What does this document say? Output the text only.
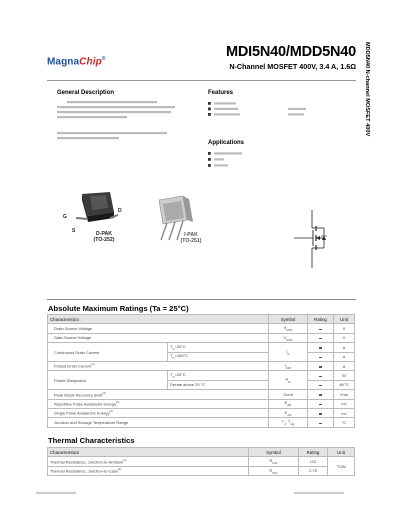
MagnaChip®	MDI5N40/MDD5N40
N-Channel MOSFET 400V, 3.4 A, 1.6Ω MDD5N40 N-channel MOSFET 400V
General Description	Features
Applications
G
D
S	D-PAK
(TO-252)
I-PAK
(TO-251)
Absolute Maximum Ratings (Ta = 25°C)
Characteristics		Symbol	Rating	Unit
Drain-Source Voltage		$V_{DSS}$		V
Gate-Source Voltage		$V_{GSS}$		V
Continuous Drain Current	$T_C=25^\circ C$	$I_D$		A
	$T_C=100^\circ C$			A
Pulsed Drain Current$^{(1)}$		$I_{DM}$		A
Power Dissipation	$T_C=25^\circ C$	$P_D$		W
	Derate above 25 °C			W/°C
Peak Diode Recovery $dv/dt^{(3)}$		Dv/dt		V/ns
Repetitive Pulse Avalanche Energy$^{(1)}$		$E_{AR}$		mJ
Single Pulse Avalanche Energy$^{(4)}$		$E_{AS}$		mJ
Junction and Storage Temperature Range		$T_J$, $T_{stg}$		°C
Thermal Characteristics
Characteristics	Symbol	Rating	Unit
Thermal Resistance, Junction-to-Ambient$^{(1)}$	$R_{\theta JA}$	110	°C/W
Thermal Resistance, Junction-to-Case$^{(1)}$	$R_{\theta JC}$	2.75	
